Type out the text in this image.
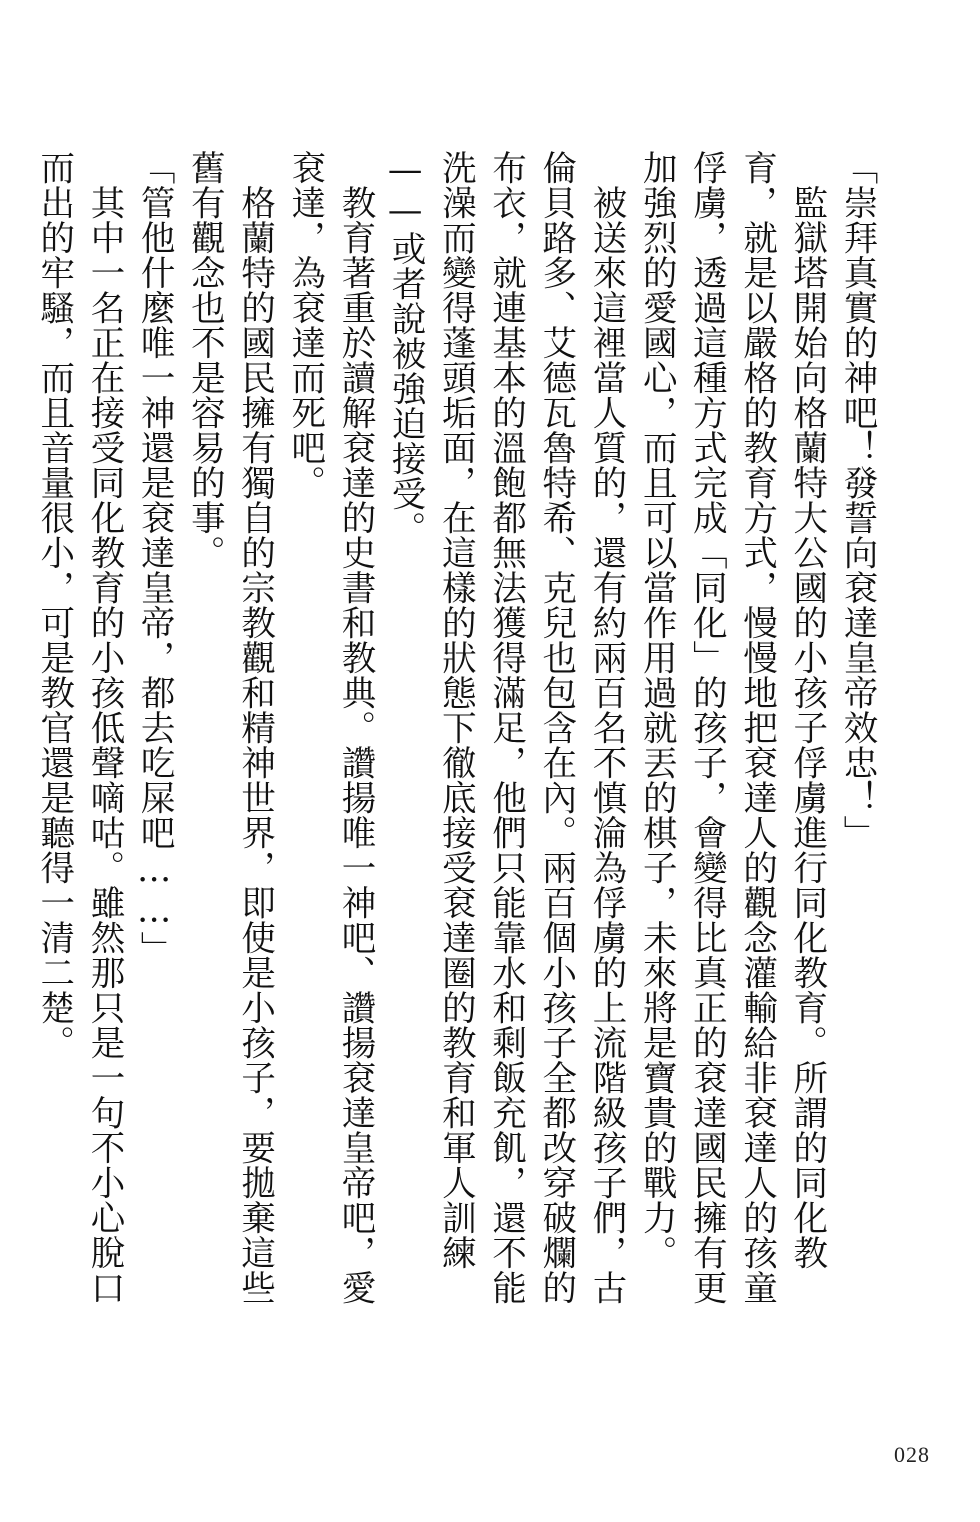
「崇拜真實的神吧！發誓向袞達皇帝效忠！」

監獄塔開始向格蘭特大公國的小孩子俘虜進行同化教育。所謂的同化教育，就是以嚴格的教育方式，慢慢地把袞達人的觀念灌輸給非袞達人的孩童俘虜，透過這種方式完成「同化」的孩子，會變得比真正的袞達國民擁有更加強烈的愛國心，而且可以當作用過就丟的棋子，未來將是寶貴的戰力。

被送來這裡當人質的，還有約兩百名不慎淪為俘虜的上流階級孩子們，古倫貝路多、艾德瓦魯特希、克兒也包含在內。兩百個小孩子全都改穿破爛的布衣，就連基本的溫飽都無法獲得滿足，他們只能靠水和剩飯充飢，還不能洗澡而變得蓬頭垢面，在這樣的狀態下徹底接受袞達圈的教育和軍人訓練——或者說被強迫接受。

教育著重於讀解袞達的史書和教典。讚揚唯一神吧、讚揚袞達皇帝吧，愛袞達，為袞達而死吧。

格蘭特的國民擁有獨自的宗教觀和精神世界，即使是小孩子，要拋棄這些舊有觀念也不是容易的事。

「管他什麼唯一神還是袞達皇帝，都去吃屎吧……」

其中一名正在接受同化教育的小孩低聲嘀咕。雖然那只是一句不小心脫口而出的牢騷，而且音量很小，可是教官還是聽得一清二楚。

028
